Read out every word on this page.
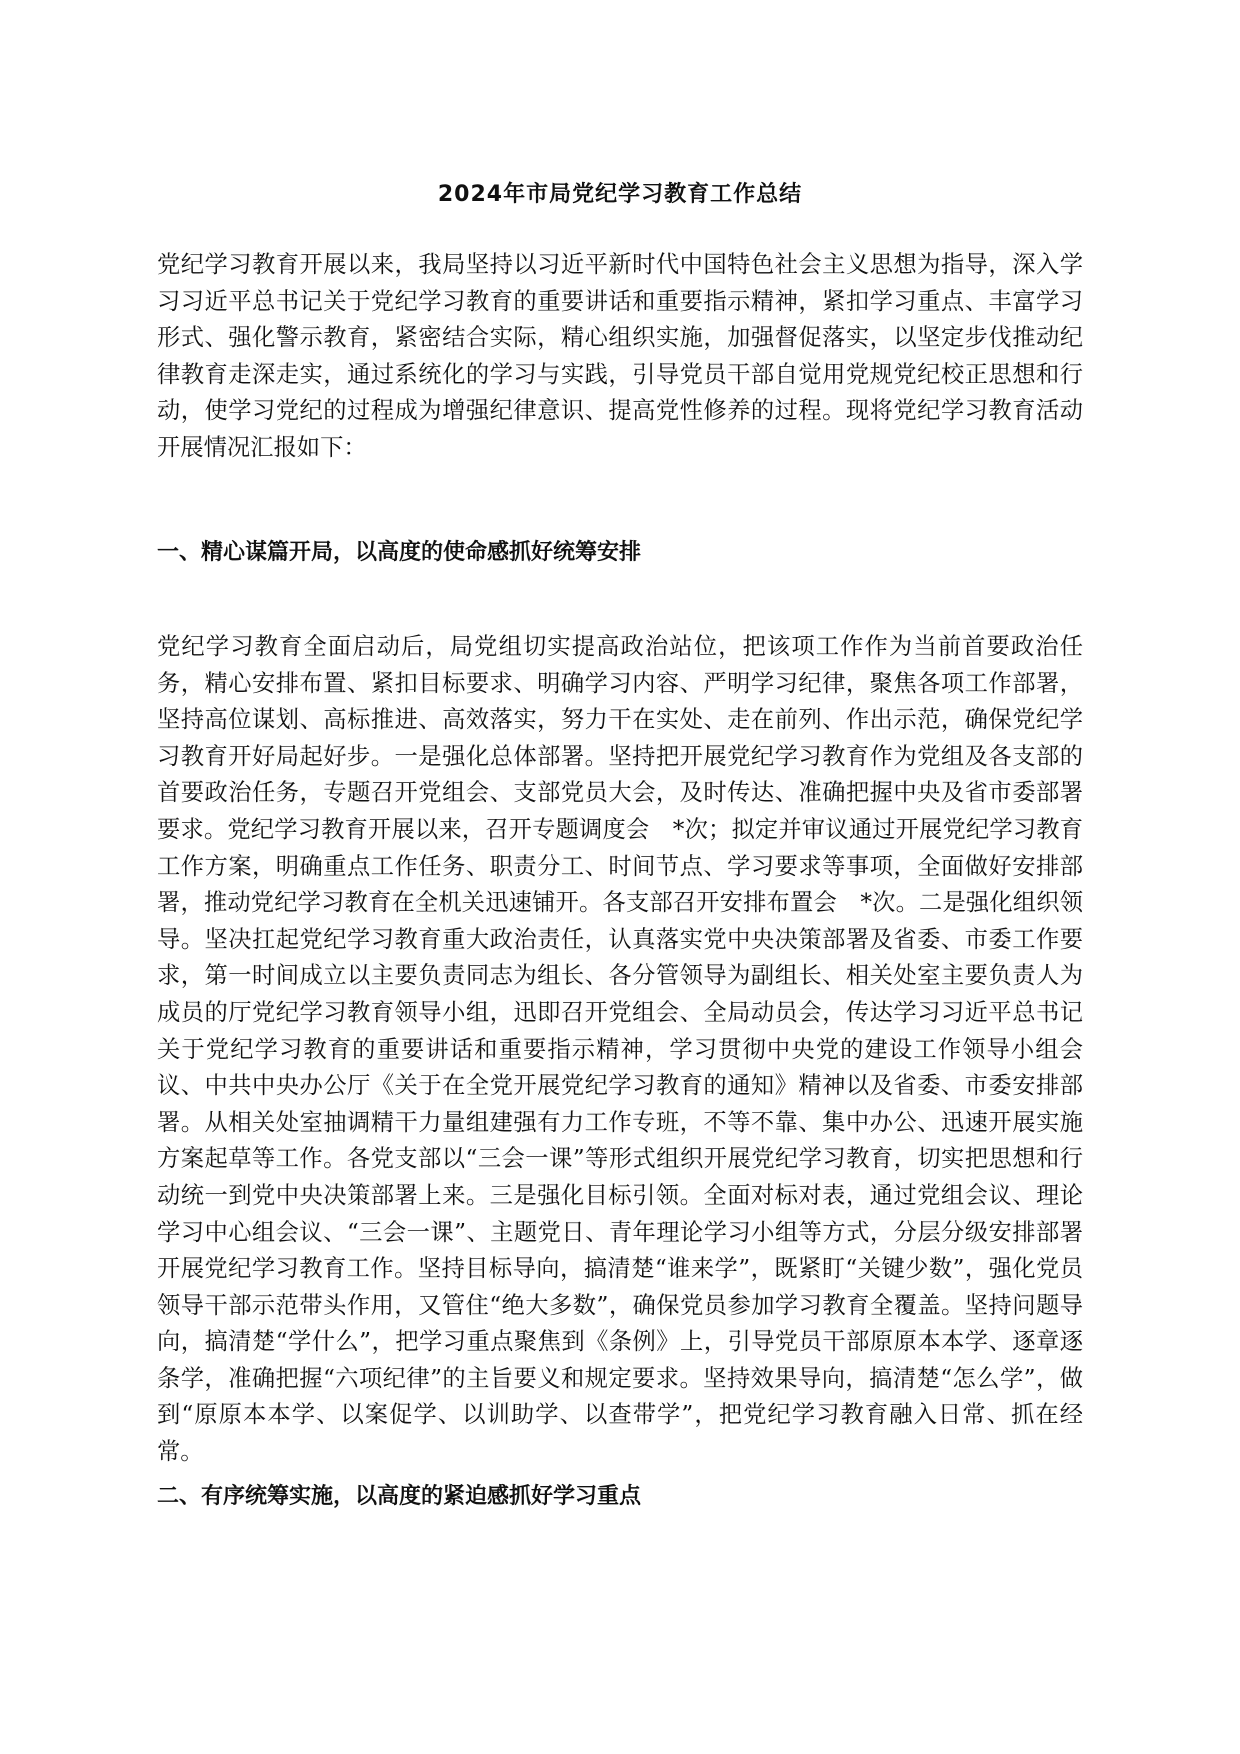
2024年市局党纪学习教育工作总结

党纪学习教育开展以来，我局坚持以习近平新时代中国特色社会主义思想为指导，深入学习习近平总书记关于党纪学习教育的重要讲话和重要指示精神，紧扣学习重点、丰富学习形式、强化警示教育，紧密结合实际，精心组织实施，加强督促落实，以坚定步伐推动纪律教育走深走实，通过系统化的学习与实践，引导党员干部自觉用党规党纪校正思想和行动，使学习党纪的过程成为增强纪律意识、提高党性修养的过程。现将党纪学习教育活动开展情况汇报如下：

一、精心谋篇开局，以高度的使命感抓好统筹安排

党纪学习教育全面启动后，局党组切实提高政治站位，把该项工作作为当前首要政治任务，精心安排布置、紧扣目标要求、明确学习内容、严明学习纪律，聚焦各项工作部署，坚持高位谋划、高标推进、高效落实，努力干在实处、走在前列、作出示范，确保党纪学习教育开好局起好步。一是强化总体部署。坚持把开展党纪学习教育作为党组及各支部的首要政治任务，专题召开党组会、支部党员大会，及时传达、准确把握中央及省市委部署要求。党纪学习教育开展以来，召开专题调度会　*次；拟定并审议通过开展党纪学习教育工作方案，明确重点工作任务、职责分工、时间节点、学习要求等事项，全面做好安排部署，推动党纪学习教育在全机关迅速铺开。各支部召开安排布置会　*次。二是强化组织领导。坚决扛起党纪学习教育重大政治责任，认真落实党中央决策部署及省委、市委工作要求，第一时间成立以主要负责同志为组长、各分管领导为副组长、相关处室主要负责人为成员的厅党纪学习教育领导小组，迅即召开党组会、全局动员会，传达学习习近平总书记关于党纪学习教育的重要讲话和重要指示精神，学习贯彻中央党的建设工作领导小组会议、中共中央办公厅《关于在全党开展党纪学习教育的通知》精神以及省委、市委安排部署。从相关处室抽调精干力量组建强有力工作专班，不等不靠、集中办公、迅速开展实施方案起草等工作。各党支部以“三会一课”等形式组织开展党纪学习教育，切实把思想和行动统一到党中央决策部署上来。三是强化目标引领。全面对标对表，通过党组会议、理论学习中心组会议、“三会一课”、主题党日、青年理论学习小组等方式，分层分级安排部署开展党纪学习教育工作。坚持目标导向，搞清楚“谁来学”，既紧盯“关键少数”，强化党员领导干部示范带头作用，又管住“绝大多数”，确保党员参加学习教育全覆盖。坚持问题导向，搞清楚“学什么”，把学习重点聚焦到《条例》上，引导党员干部原原本本学、逐章逐条学，准确把握“六项纪律”的主旨要义和规定要求。坚持效果导向，搞清楚“怎么学”，做到“原原本本学、以案促学、以训助学、以查带学”，把党纪学习教育融入日常、抓在经常。

二、有序统筹实施，以高度的紧迫感抓好学习重点
